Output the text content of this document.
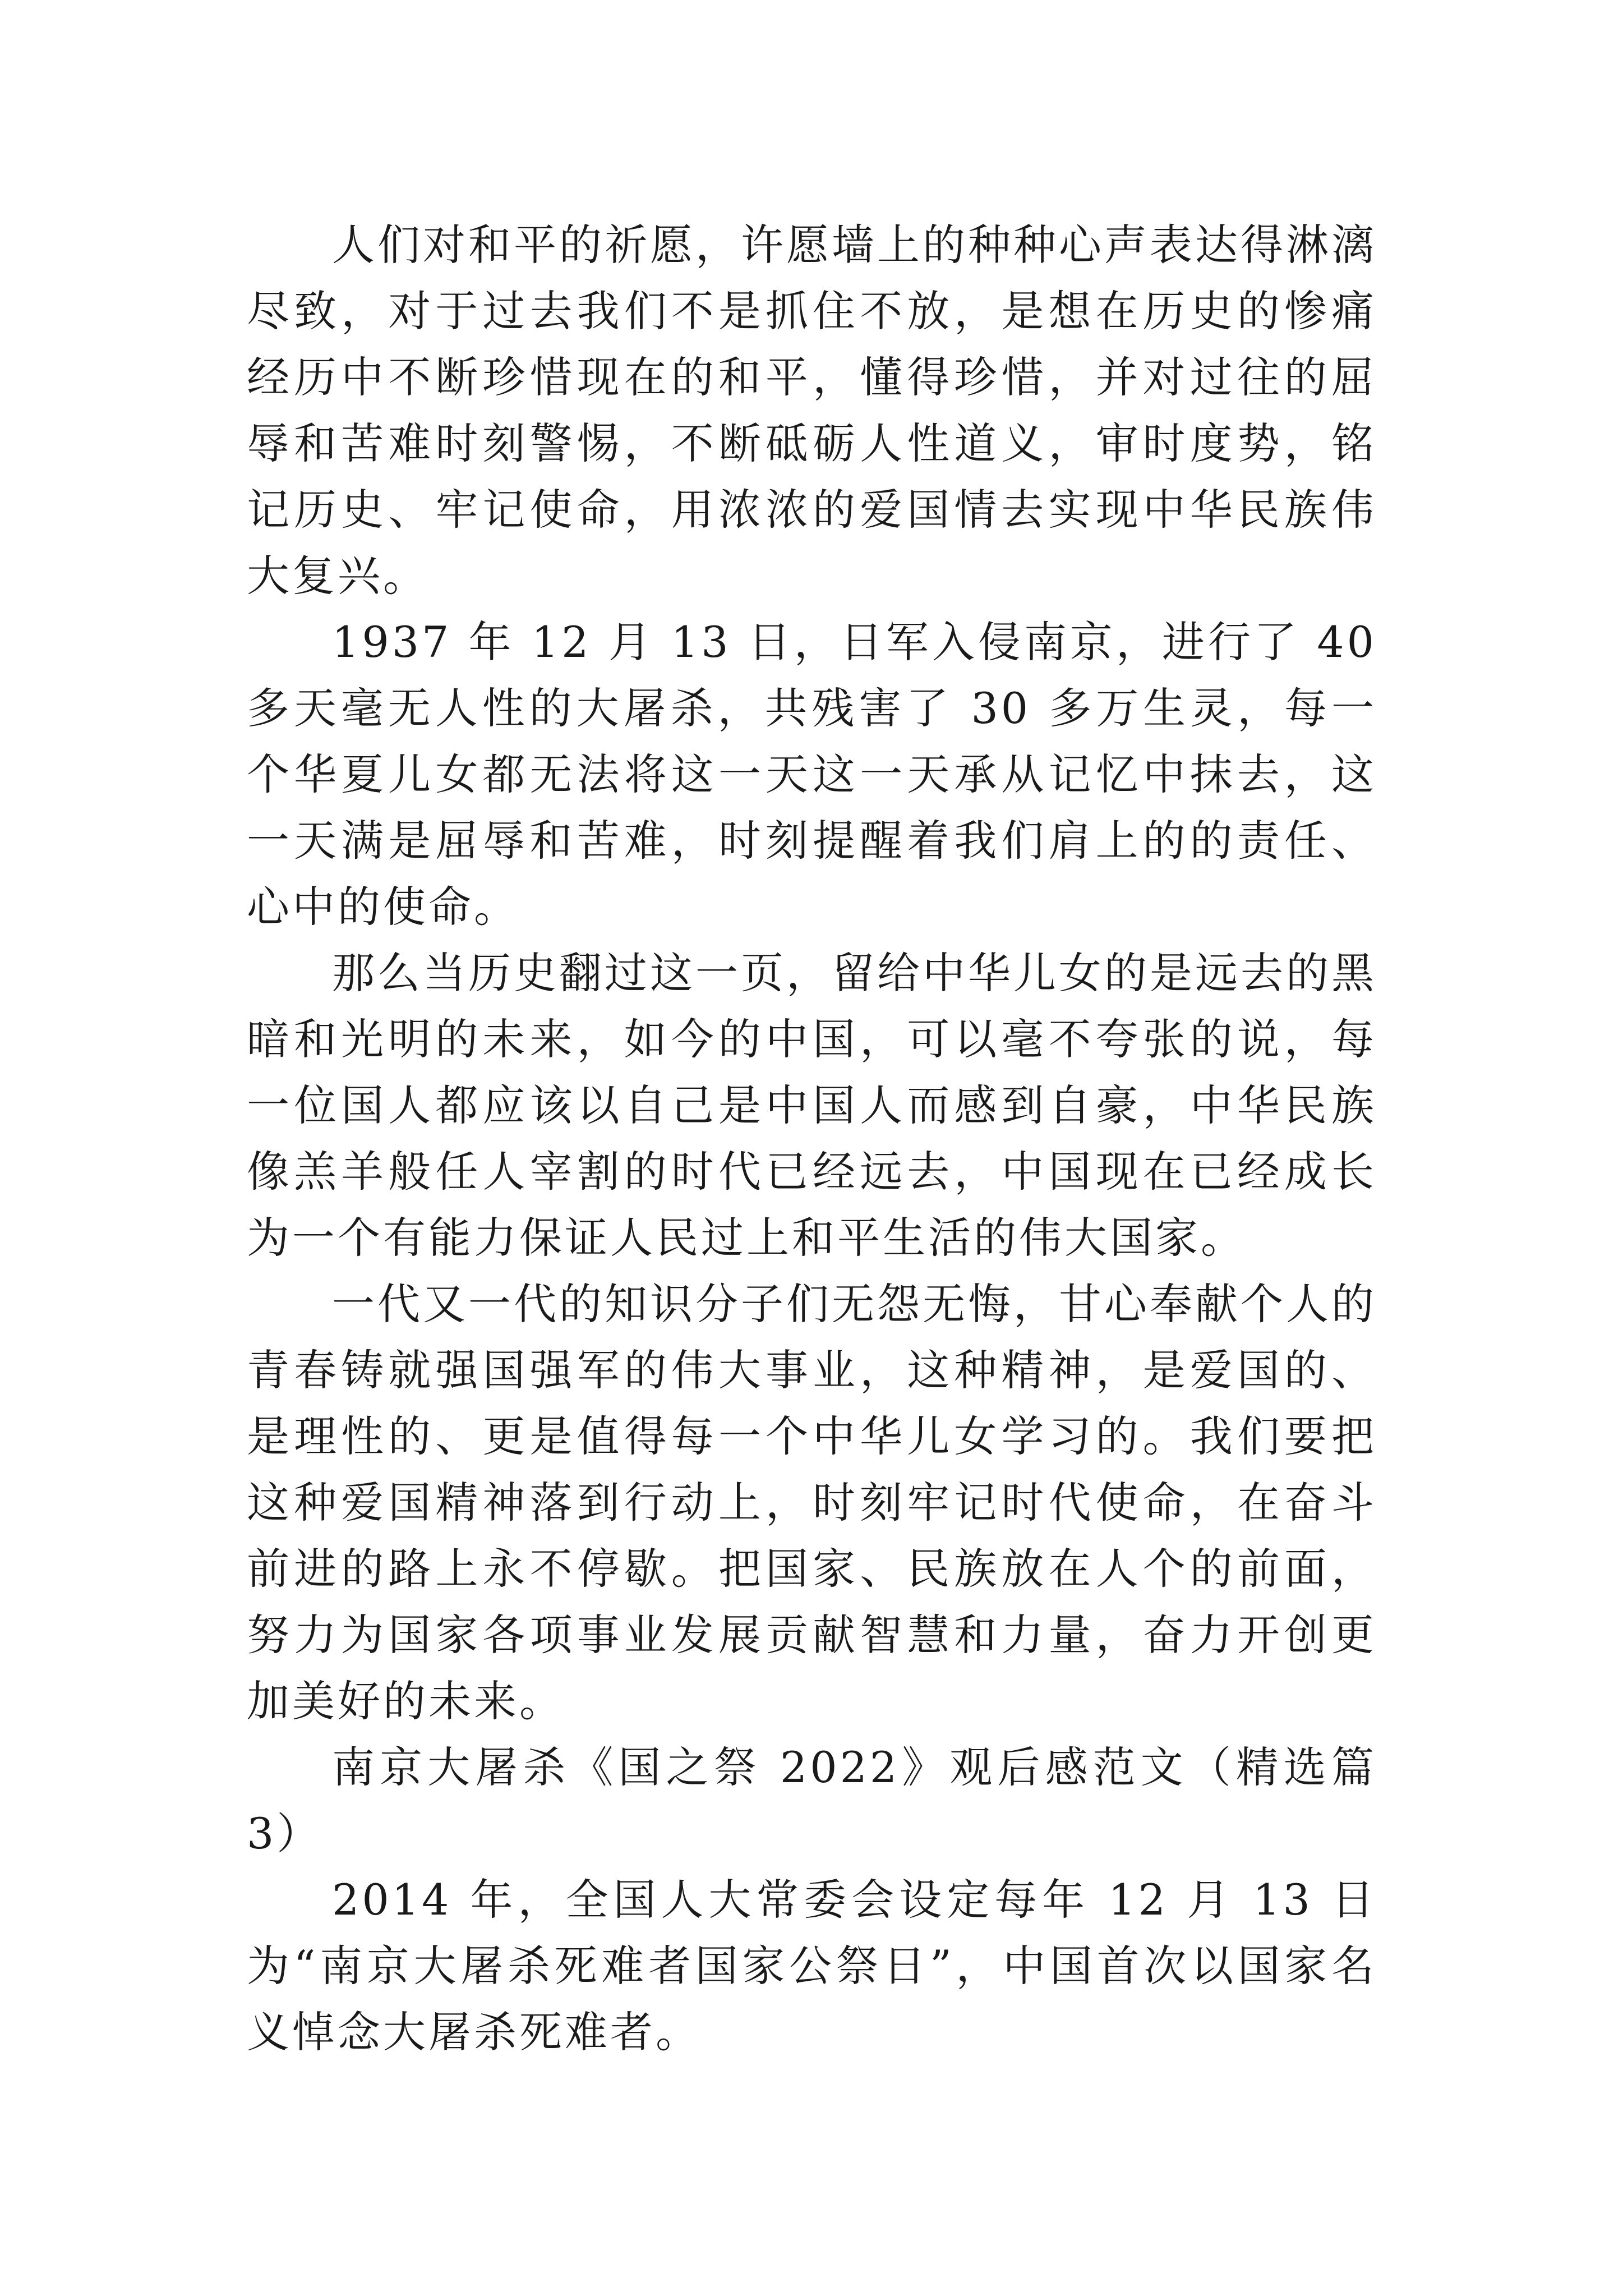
人们对和平的祈愿，许愿墙上的种种心声表达得淋漓尽致，对于过去我们不是抓住不放，是想在历史的惨痛经历中不断珍惜现在的和平，懂得珍惜，并对过往的屈辱和苦难时刻警惕，不断砥砺人性道义，审时度势，铭记历史、牢记使命，用浓浓的爱国情去实现中华民族伟大复兴。

1937 年 12 月 13 日，日军入侵南京，进行了 40 多天毫无人性的大屠杀，共残害了 30 多万生灵，每一个华夏儿女都无法将这一天这一天承从记忆中抹去，这一天满是屈辱和苦难，时刻提醒着我们肩上的的责任、心中的使命。

那么当历史翻过这一页，留给中华儿女的是远去的黑暗和光明的未来，如今的中国，可以毫不夸张的说，每一位国人都应该以自己是中国人而感到自豪，中华民族像羔羊般任人宰割的时代已经远去，中国现在已经成长为一个有能力保证人民过上和平生活的伟大国家。

一代又一代的知识分子们无怨无悔，甘心奉献个人的青春铸就强国强军的伟大事业，这种精神，是爱国的、是理性的、更是值得每一个中华儿女学习的。我们要把这种爱国精神落到行动上，时刻牢记时代使命，在奋斗前进的路上永不停歇。把国家、民族放在人个的前面，努力为国家各项事业发展贡献智慧和力量，奋力开创更加美好的未来。

南京大屠杀《国之祭 2022》观后感范文（精选篇 3）

2014 年，全国人大常委会设定每年 12 月 13 日为“南京大屠杀死难者国家公祭日”，中国首次以国家名义悼念大屠杀死难者。
